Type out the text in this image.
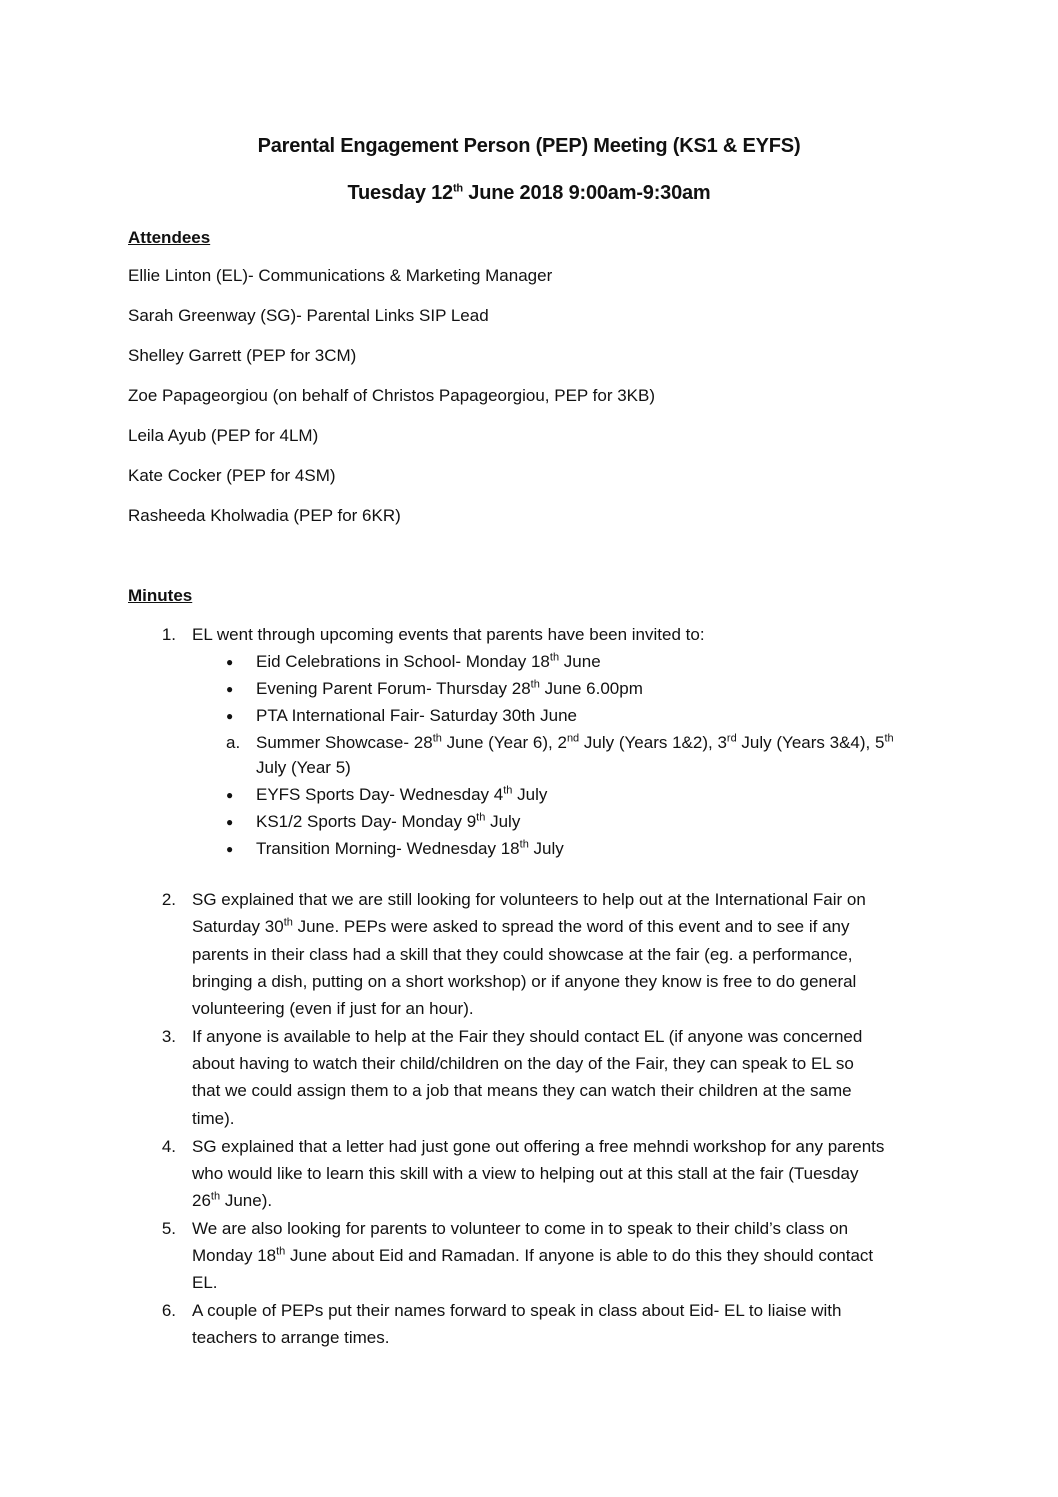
Parental Engagement Person (PEP) Meeting (KS1 & EYFS)
Tuesday 12th June 2018 9:00am-9:30am
Attendees
Ellie Linton (EL)- Communications & Marketing Manager
Sarah Greenway (SG)- Parental Links SIP Lead
Shelley Garrett (PEP for 3CM)
Zoe Papageorgiou (on behalf of Christos Papageorgiou, PEP for 3KB)
Leila Ayub (PEP for 4LM)
Kate Cocker (PEP for 4SM)
Rasheeda Kholwadia (PEP for 6KR)
Minutes
1. EL went through upcoming events that parents have been invited to:
● Eid Celebrations in School- Monday 18th June
● Evening Parent Forum- Thursday 28th June 6.00pm
● PTA International Fair- Saturday 30th June
a. Summer Showcase- 28th June (Year 6), 2nd July (Years 1&2), 3rd July (Years 3&4), 5th
July (Year 5)
● EYFS Sports Day- Wednesday 4th July
● KS1/2 Sports Day- Monday 9th July
● Transition Morning- Wednesday 18th July
2. SG explained that we are still looking for volunteers to help out at the International Fair on
Saturday 30th June. PEPs were asked to spread the word of this event and to see if any
parents in their class had a skill that they could showcase at the fair (eg. a performance,
bringing a dish, putting on a short workshop) or if anyone they know is free to do general
volunteering (even if just for an hour).
3. If anyone is available to help at the Fair they should contact EL (if anyone was concerned
about having to watch their child/children on the day of the Fair, they can speak to EL so
that we could assign them to a job that means they can watch their children at the same
time).
4. SG explained that a letter had just gone out offering a free mehndi workshop for any parents
who would like to learn this skill with a view to helping out at this stall at the fair (Tuesday
26th June).
5. We are also looking for parents to volunteer to come in to speak to their child’s class on
Monday 18th June about Eid and Ramadan. If anyone is able to do this they should contact
EL.
6. A couple of PEPs put their names forward to speak in class about Eid- EL to liaise with
teachers to arrange times.
